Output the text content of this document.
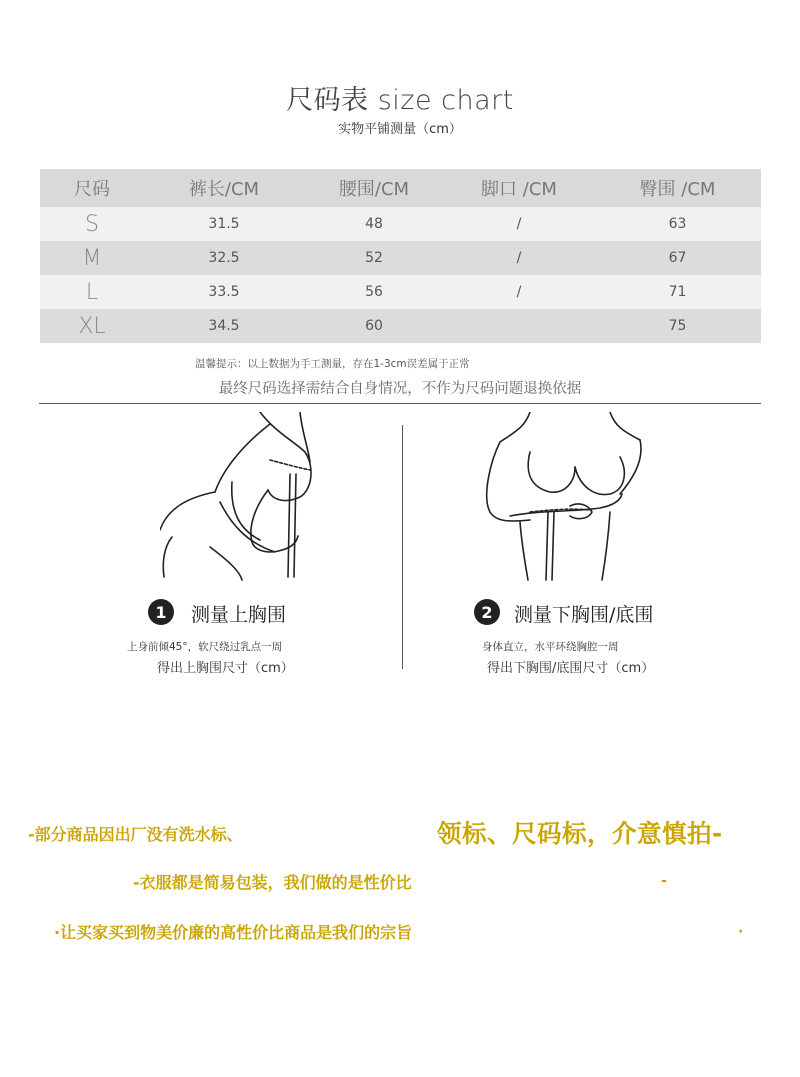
尺码表 size chart
实物平铺测量（cm）
尺码	裤长/CM	腰围/CM	脚口 /CM	臀围 /CM
S	31.5	48	/	63
M	32.5	52	/	67
L	33.5	56	/	71
XL	34.5	60		75
温馨提示：以上数据为手工测量，存在1-3cm误差属于正常
最终尺码选择需结合自身情况，不作为尺码问题退换依据
1	测量上胸围
上身前倾45°，软尺绕过乳点一周
得出上胸围尺寸（cm）
2	测量下胸围/底围
身体直立，水平环绕胸腔一周
得出下胸围/底围尺寸（cm）
-部分商品因出厂没有洗水标、	领标、尺码标，介意慎拍-
-衣服都是简易包装，我们做的是性价比	-
·让买家买到物美价廉的高性价比商品是我们的宗旨	·
